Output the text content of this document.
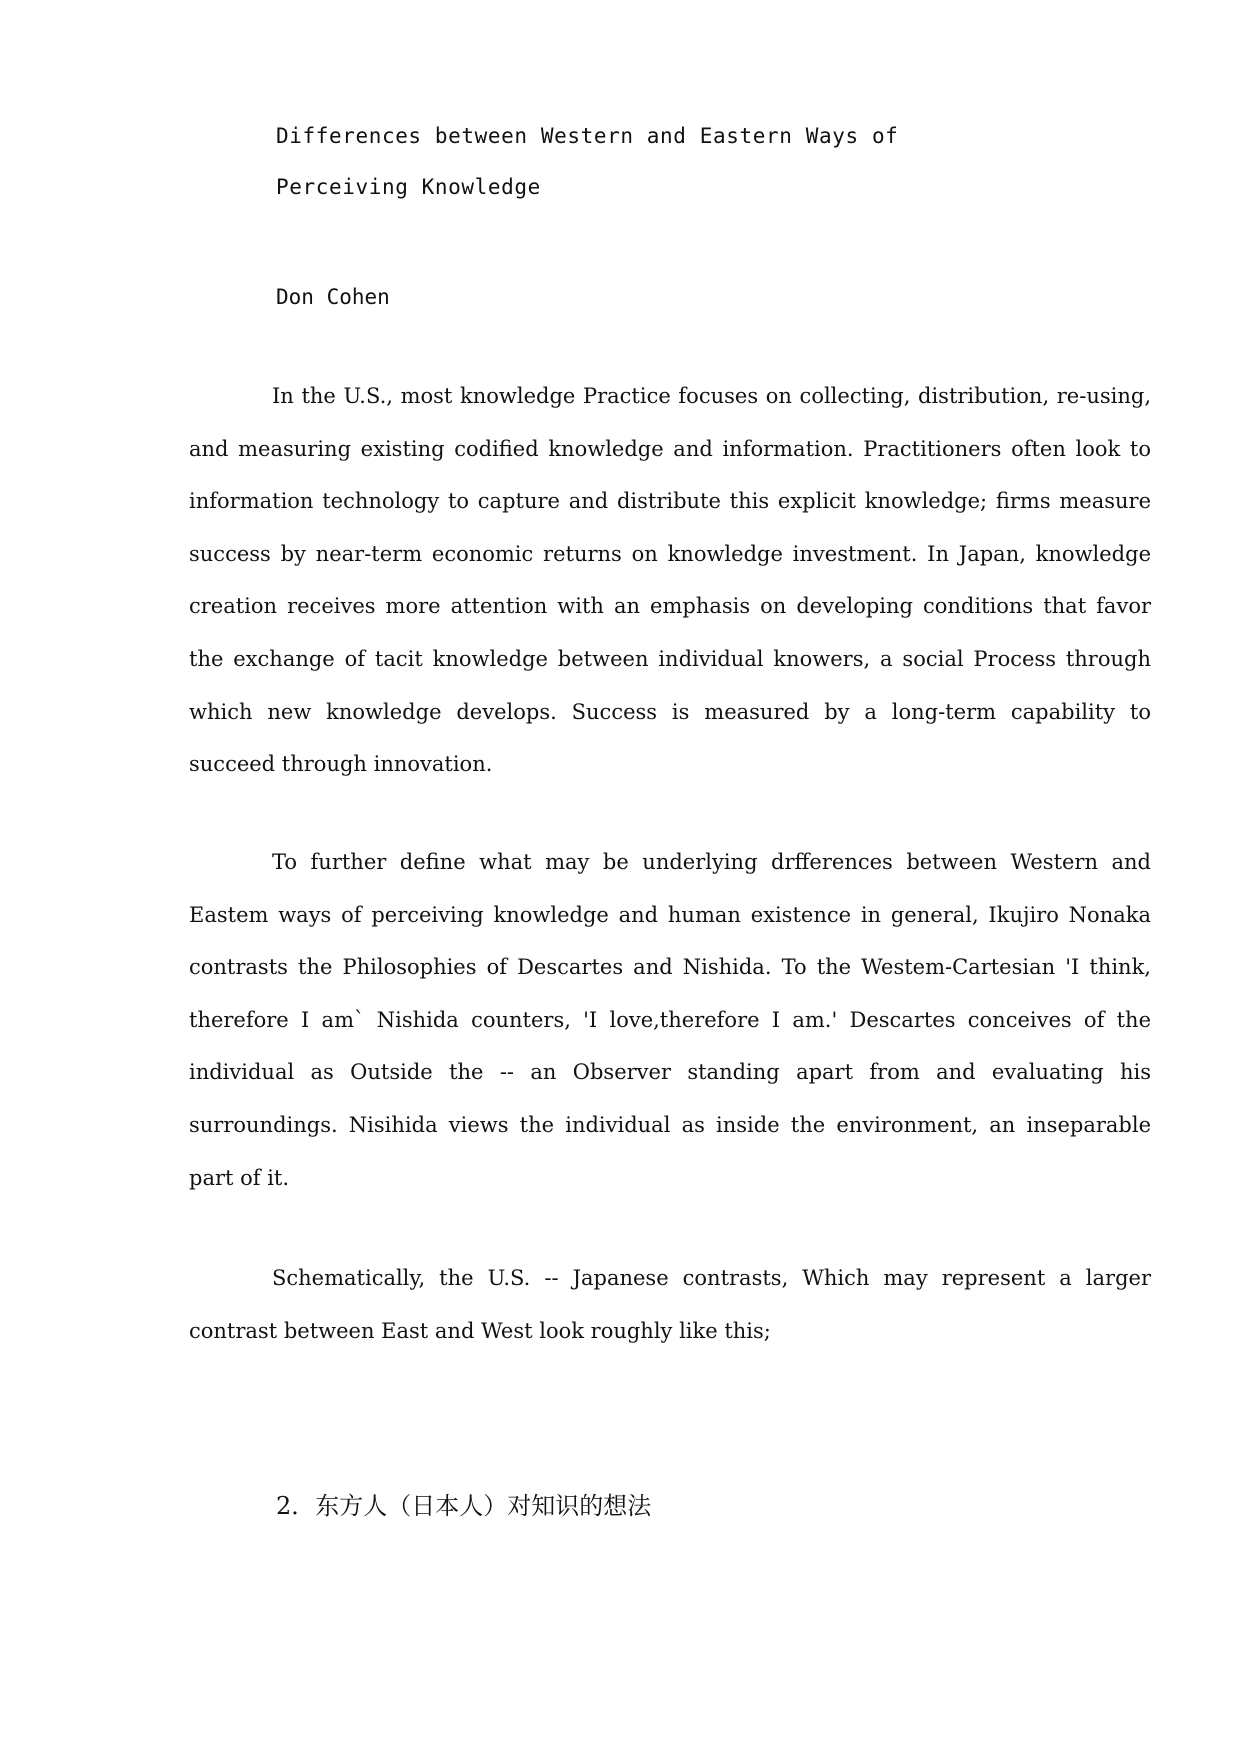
Differences between Western and Eastern Ways of
Perceiving Knowledge
Don Cohen

In the U.S., most knowledge Practice focuses on collecting, distribution, re-using, and measuring existing codified knowledge and information. Practitioners often look to information technology to capture and distribute this explicit knowledge; firms measure success by near-term economic returns on knowledge investment. In Japan, knowledge creation receives more attention with an emphasis on developing conditions that favor the exchange of tacit knowledge between individual knowers, a social Process through which new knowledge develops. Success is measured by a long-term capability to succeed through innovation.

To further define what may be underlying drfferences between Western and Eastem ways of perceiving knowledge and human existence in general, Ikujiro Nonaka contrasts the Philosophies of Descartes and Nishida. To the Westem-Cartesian 'I think, therefore I am` Nishida counters, 'I love,therefore I am.' Descartes conceives of the individual as Outside the -- an Observer standing apart from and evaluating his surroundings. Nisihida views the individual as inside the environment, an inseparable part of it.

Schematically, the U.S. -- Japanese contrasts, Which may represent a larger contrast between East and West look roughly like this;

2．东方人（日本人）对知识的想法
